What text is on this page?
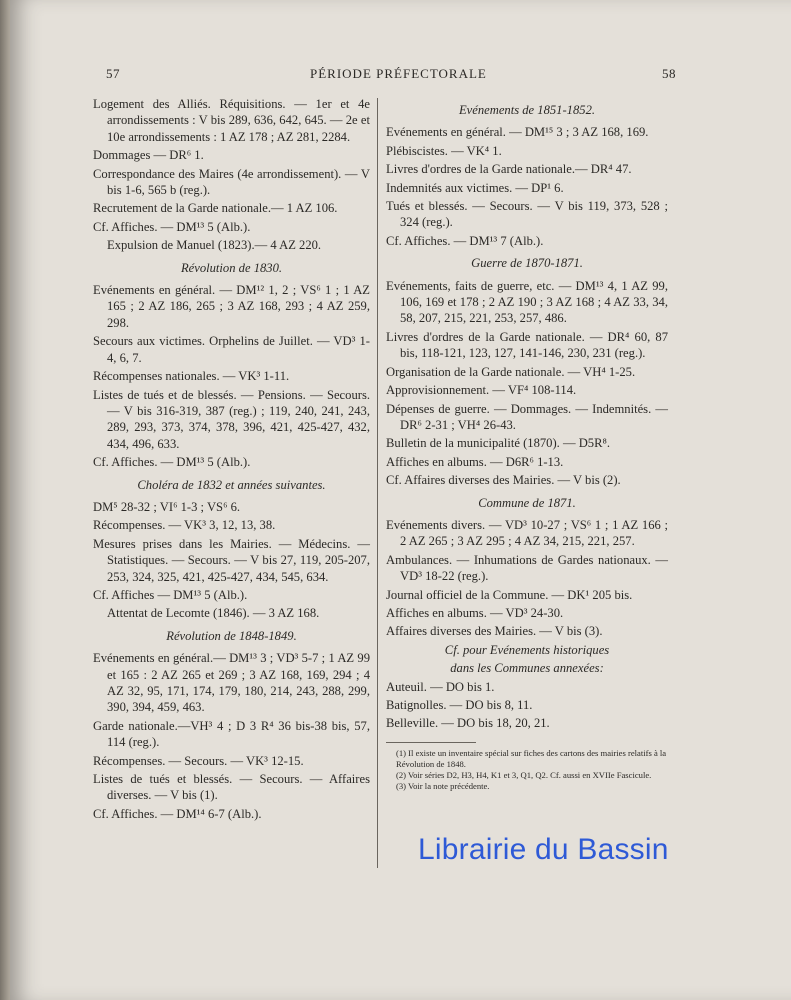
57	PÉRIODE PRÉFECTORALE	58
Logement des Alliés. Réquisitions. — 1er et 4e arrondissements : V bis 289, 636, 642, 645. — 2e et 10e arrondissements : 1 AZ 178 ; AZ 281, 2284.
Dommages — DR⁶ 1.
Correspondance des Maires (4e arrondissement). — V bis 1-6, 565 b (reg.).
Recrutement de la Garde nationale.— 1 AZ 106.
Cf. Affiches. — DM¹³ 5 (Alb.).
Expulsion de Manuel (1823).— 4 AZ 220.
Révolution de 1830.
Evénements en général. — DM¹² 1, 2 ; VS⁶ 1 ; 1 AZ 165 ; 2 AZ 186, 265 ; 3 AZ 168, 293 ; 4 AZ 259, 298.
Secours aux victimes. Orphelins de Juillet. — VD³ 1-4, 6, 7.
Récompenses nationales. — VK³ 1-11.
Listes de tués et de blessés. — Pensions. — Secours. — V bis 316-319, 387 (reg.) ; 119, 240, 241, 243, 289, 293, 373, 374, 378, 396, 421, 425-427, 432, 434, 496, 633.
Cf. Affiches. — DM¹³ 5 (Alb.).
Choléra de 1832 et années suivantes.
DM⁵ 28-32 ; VI⁶ 1-3 ; VS⁶ 6.
Récompenses. — VK³ 3, 12, 13, 38.
Mesures prises dans les Mairies. — Médecins. — Statistiques. — Secours. — V bis 27, 119, 205-207, 253, 324, 325, 421, 425-427, 434, 545, 634.
Cf. Affiches — DM¹³ 5 (Alb.).
Attentat de Lecomte (1846). — 3 AZ 168.
Révolution de 1848-1849.
Evénements en général.— DM¹³ 3 ; VD³ 5-7 ; 1 AZ 99 et 165 : 2 AZ 265 et 269 ; 3 AZ 168, 169, 294 ; 4 AZ 32, 95, 171, 174, 179, 180, 214, 243, 288, 299, 390, 394, 459, 463.
Garde nationale.—VH³ 4 ; D 3 R⁴ 36 bis-38 bis, 57, 114 (reg.).
Récompenses. — Secours. — VK³ 12-15.
Listes de tués et blessés. — Secours. — Affaires diverses. — V bis (1).
Cf. Affiches. — DM¹⁴ 6-7 (Alb.).
Evénements de 1851-1852.
Evénements en général. — DM¹⁵ 3 ; 3 AZ 168, 169.
Plébiscistes. — VK⁴ 1.
Livres d'ordres de la Garde nationale.— DR⁴ 47.
Indemnités aux victimes. — DP¹ 6.
Tués et blessés. — Secours. — V bis 119, 373, 528 ; 324 (reg.).
Cf. Affiches. — DM¹³ 7 (Alb.).
Guerre de 1870-1871.
Evénements, faits de guerre, etc. — DM¹³ 4, 1 AZ 99, 106, 169 et 178 ; 2 AZ 190 ; 3 AZ 168 ; 4 AZ 33, 34, 58, 207, 215, 221, 253, 257, 486.
Livres d'ordres de la Garde nationale. — DR⁴ 60, 87 bis, 118-121, 123, 127, 141-146, 230, 231 (reg.).
Organisation de la Garde nationale. — VH⁴ 1-25.
Approvisionnement. — VF⁴ 108-114.
Dépenses de guerre. — Dommages. — Indemnités. — DR⁶ 2-31 ; VH⁴ 26-43.
Bulletin de la municipalité (1870). — D5R⁸.
Affiches en albums. — D6R⁶ 1-13.
Cf. Affaires diverses des Mairies. — V bis (2).
Commune de 1871.
Evénements divers. — VD³ 10-27 ; VS⁶ 1 ; 1 AZ 166 ; 2 AZ 265 ; 3 AZ 295 ; 4 AZ 34, 215, 221, 257.
Ambulances. — Inhumations de Gardes nationaux. — VD³ 18-22 (reg.).
Journal officiel de la Commune. — DK¹ 205 bis.
Affiches en albums. — VD³ 24-30.
Affaires diverses des Mairies. — V bis (3).
Cf. pour Evénements historiques
dans les Communes annexées:
Auteuil. — DO bis 1.
Batignolles. — DO bis 8, 11.
Belleville. — DO bis 18, 20, 21.

(1) Il existe un inventaire spécial sur fiches des cartons des mairies relatifs à la Révolution de 1848.

(2) Voir séries D2, H3, H4, K1 et 3, Q1, Q2. Cf. aussi en XVIIe Fascicule.

(3) Voir la note précédente.

Librairie du Bassin
